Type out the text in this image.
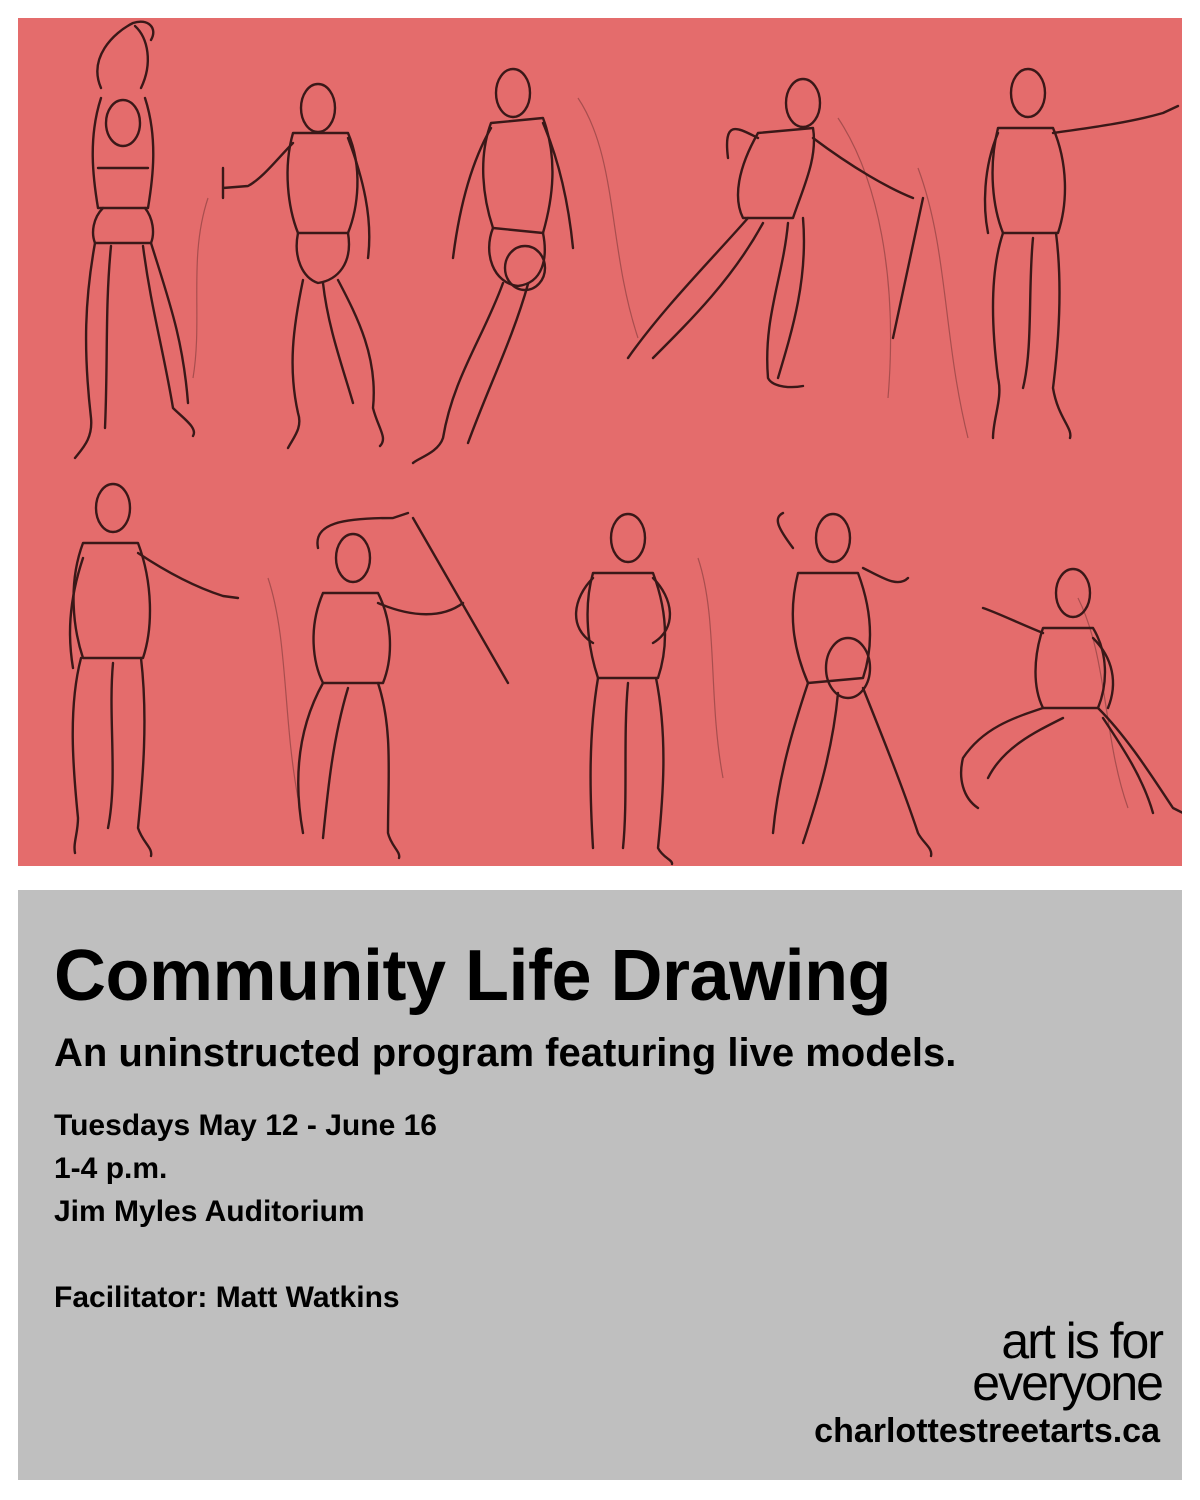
Community Life Drawing
An uninstructed program featuring live models.
Tuesdays May 12 - June 16
1-4 p.m.
Jim Myles Auditorium

Facilitator: Matt Watkins

art is for
everyone

charlottestreetarts.ca
